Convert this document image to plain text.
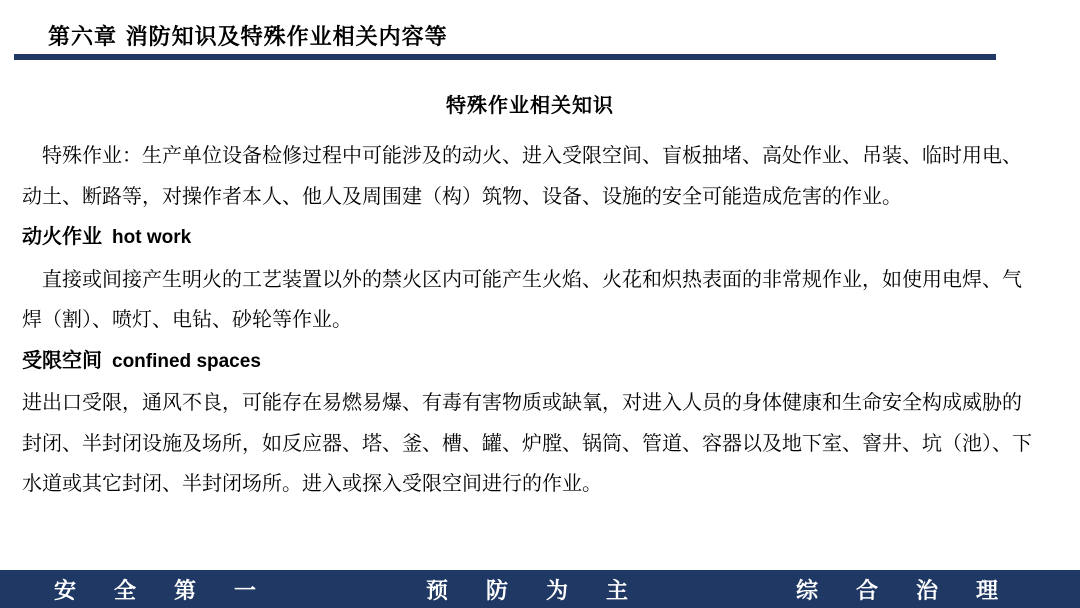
第六章 消防知识及特殊作业相关内容等
特殊作业相关知识

特殊作业：生产单位设备检修过程中可能涉及的动火、进入受限空间、盲板抽堵、高处作业、吊装、临时用电、动土、断路等，对操作者本人、他人及周围建（构）筑物、设备、设施的安全可能造成危害的作业。

动火作业 hot work

直接或间接产生明火的工艺装置以外的禁火区内可能产生火焰、火花和炽热表面的非常规作业，如使用电焊、气焊（割）、喷灯、电钻、砂轮等作业。

受限空间 confined spaces

进出口受限，通风不良，可能存在易燃易爆、有毒有害物质或缺氧，对进入人员的身体健康和生命安全构成威胁的封闭、半封闭设施及场所，如反应器、塔、釜、槽、罐、炉膛、锅筒、管道、容器以及地下室、窨井、坑（池）、下水道或其它封闭、半封闭场所。进入或探入受限空间进行的作业。

安全第一	预防为主	综合治理
